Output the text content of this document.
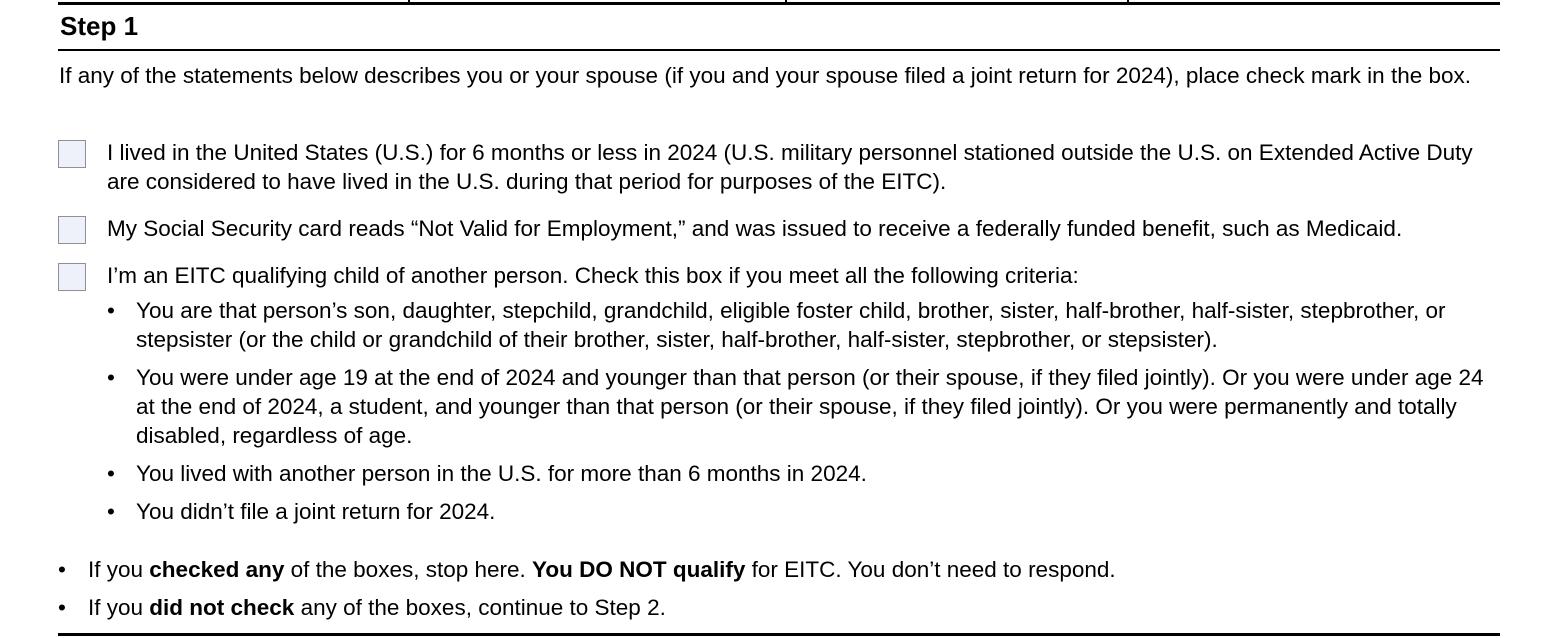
Step 1
If any of the statements below describes you or your spouse (if you and your spouse filed a joint return for 2024), place check mark in the box.
I lived in the United States (U.S.) for 6 months or less in 2024 (U.S. military personnel stationed outside the U.S. on Extended Active Duty are considered to have lived in the U.S. during that period for purposes of the EITC).
My Social Security card reads “Not Valid for Employment,” and was issued to receive a federally funded benefit, such as Medicaid.
I’m an EITC qualifying child of another person. Check this box if you meet all the following criteria:
• You are that person’s son, daughter, stepchild, grandchild, eligible foster child, brother, sister, half-brother, half-sister, stepbrother, or stepsister (or the child or grandchild of their brother, sister, half-brother, half-sister, stepbrother, or stepsister).
• You were under age 19 at the end of 2024 and younger than that person (or their spouse, if they filed jointly). Or you were under age 24 at the end of 2024, a student, and younger than that person (or their spouse, if they filed jointly). Or you were permanently and totally disabled, regardless of age.
• You lived with another person in the U.S. for more than 6 months in 2024.
• You didn’t file a joint return for 2024.
• If you checked any of the boxes, stop here. You DO NOT qualify for EITC. You don’t need to respond.
• If you did not check any of the boxes, continue to Step 2.
